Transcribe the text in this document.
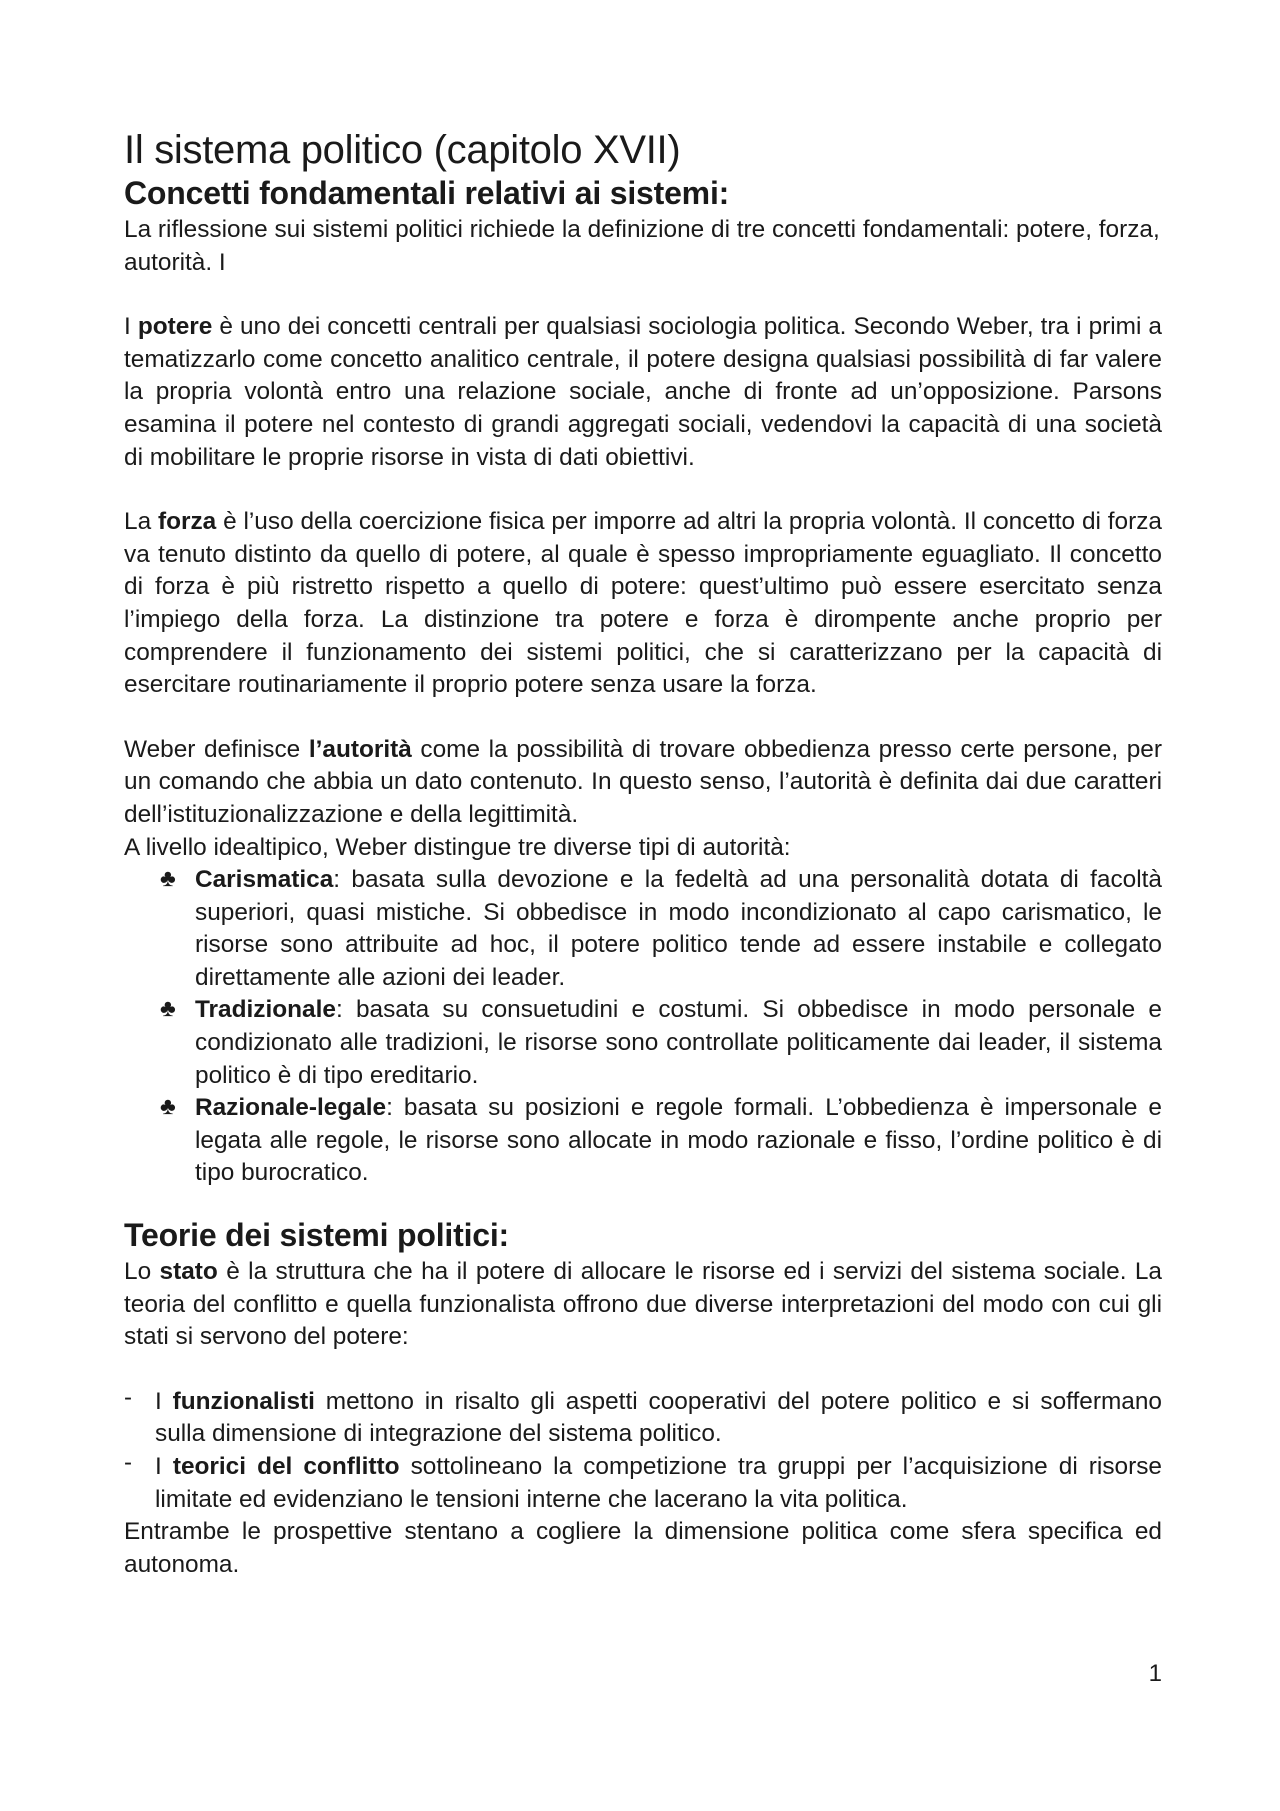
Il sistema politico (capitolo XVII)
Concetti fondamentali relativi ai sistemi:

La riflessione sui sistemi politici richiede la definizione di tre concetti fondamentali: potere, forza, autorità. I

I potere è uno dei concetti centrali per qualsiasi sociologia politica. Secondo Weber, tra i primi a tematizzarlo come concetto analitico centrale, il potere designa qualsiasi possibilità di far valere la propria volontà entro una relazione sociale, anche di fronte ad un’opposizione. Parsons esamina il potere nel contesto di grandi aggregati sociali, vedendovi la capacità di una società di mobilitare le proprie risorse in vista di dati obiettivi.

La forza è l’uso della coercizione fisica per imporre ad altri la propria volontà. Il concetto di forza va tenuto distinto da quello di potere, al quale è spesso impropriamente eguagliato. Il concetto di forza è più ristretto rispetto a quello di potere: quest’ultimo può essere esercitato senza l’impiego della forza. La distinzione tra potere e forza è dirompente anche proprio per comprendere il funzionamento dei sistemi politici, che si caratterizzano per la capacità di esercitare routinariamente il proprio potere senza usare la forza.

Weber definisce l’autorità come la possibilità di trovare obbedienza presso certe persone, per un comando che abbia un dato contenuto. In questo senso, l’autorità è definita dai due caratteri dell’istituzionalizzazione e della legittimità.

A livello idealtipico, Weber distingue tre diverse tipi di autorità:

♣ Carismatica: basata sulla devozione e la fedeltà ad una personalità dotata di facoltà superiori, quasi mistiche. Si obbedisce in modo incondizionato al capo carismatico, le risorse sono attribuite ad hoc, il potere politico tende ad essere instabile e collegato direttamente alle azioni dei leader.
♣ Tradizionale: basata su consuetudini e costumi. Si obbedisce in modo personale e condizionato alle tradizioni, le risorse sono controllate politicamente dai leader, il sistema politico è di tipo ereditario.
♣ Razionale-legale: basata su posizioni e regole formali. L’obbedienza è impersonale e legata alle regole, le risorse sono allocate in modo razionale e fisso, l’ordine politico è di tipo burocratico.
Teorie dei sistemi politici:

Lo stato è la struttura che ha il potere di allocare le risorse ed i servizi del sistema sociale. La teoria del conflitto e quella funzionalista offrono due diverse interpretazioni del modo con cui gli stati si servono del potere:

- I funzionalisti mettono in risalto gli aspetti cooperativi del potere politico e si soffermano sulla dimensione di integrazione del sistema politico.
- I teorici del conflitto sottolineano la competizione tra gruppi per l’acquisizione di risorse limitate ed evidenziano le tensioni interne che lacerano la vita politica.

Entrambe le prospettive stentano a cogliere la dimensione politica come sfera specifica ed autonoma.

1
